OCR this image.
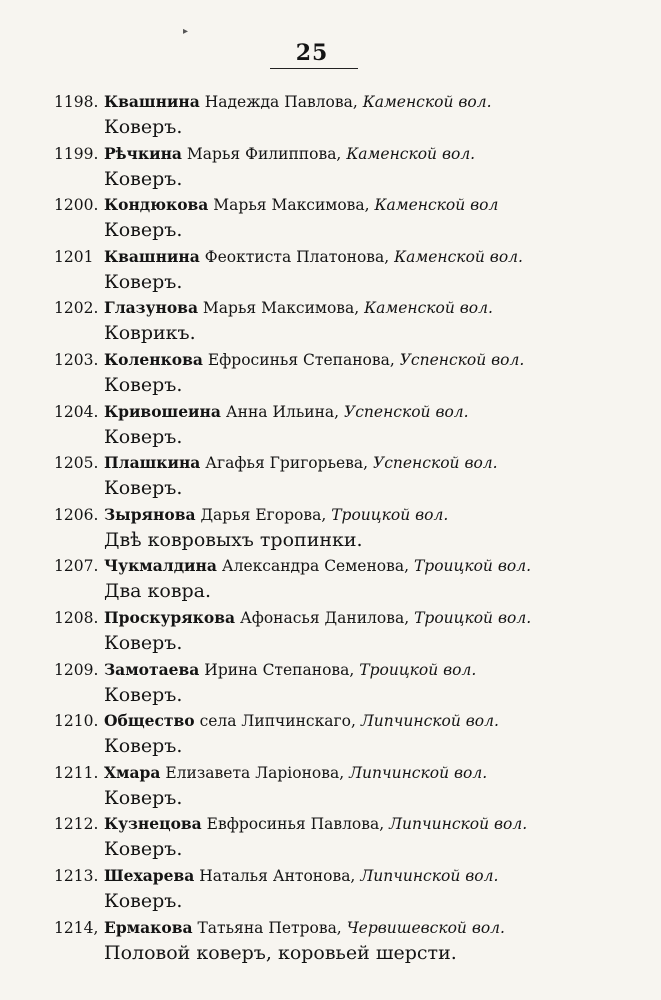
▸
25
1198. Квашнина Надежда Павлова, Каменской вол.
Ковeръ.
1199. Рѣчкина Марья Филиппова, Каменской вол.
Ковeръ.
1200. Кондюкова Марья Максимова, Каменской вол
Ковeръ.
1201 Квашнина Феоктиста Платонова, Каменской вол.
Ковeръ.
1202. Глазунова Марья Максимова, Каменской вол.
Коврикъ.
1203. Коленкова Ефросинья Степанова, Успенской вол.
Ковeръ.
1204. Кривошеина Анна Ильина, Успенской вол.
Ковeръ.
1205. Плашкина Агафья Григорьева, Успенской вол.
Ковeръ.
1206. Зырянова Дарья Егорова, Троицкой вол.
Двѣ ковровыхъ тропинки.
1207. Чукмалдина Александра Семенова, Троицкой вол.
Два ковра.
1208. Проскурякова Афонасья Данилова, Троицкой вол.
Ковeръ.
1209. Замотаева Ирина Степанова, Троицкой вол.
Ковeръ.
1210. Общество села Липчинскаго, Липчинской вол.
Ковeръ.
1211. Хмара Елизавета Ларіонова, Липчинской вол.
Ковeръ.
1212. Кузнецова Евфросинья Павлова, Липчинской вол.
Ковeръ.
1213. Шехарева Наталья Антонова, Липчинской вол.
Ковeръ.
1214, Ермакова Татьяна Петрова, Червишевской вол.
Половой ковeръ, коровьей шерсти.
